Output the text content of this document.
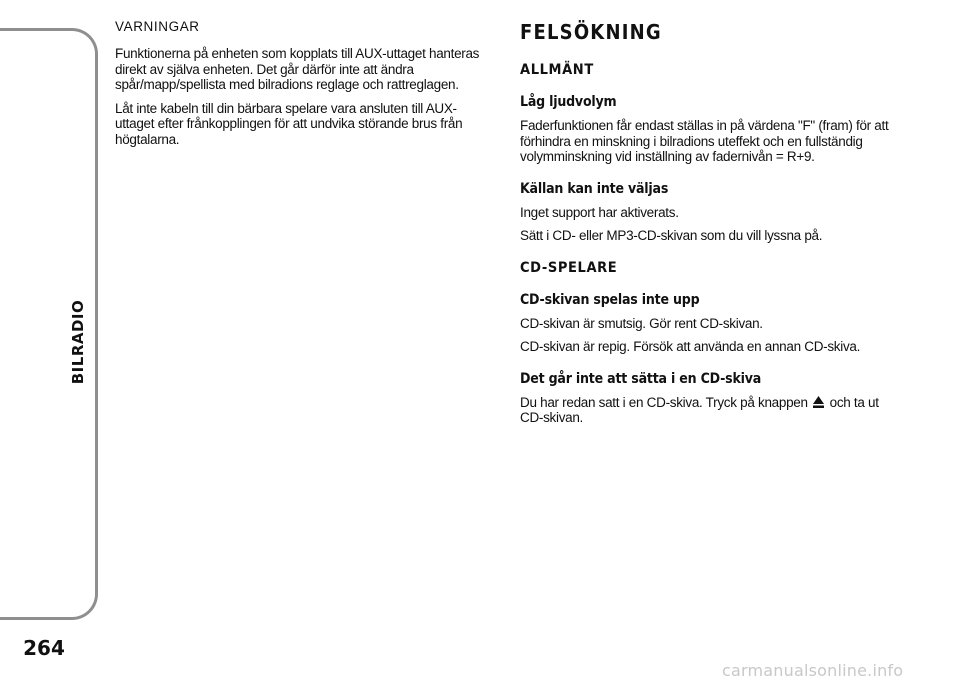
BILRADIO
264

VARNINGAR

Funktionerna på enheten som kopplats till AUX-uttaget hanteras direkt av själva enheten. Det går därför inte att ändra spår/mapp/spellista med bilradions reglage och rattreglagen.

Låt inte kabeln till din bärbara spelare vara ansluten till AUX-uttaget efter frånkopplingen för att undvika störande brus från högtalarna.

FELSÖKNING
ALLMÄNT
Låg ljudvolym

Faderfunktionen får endast ställas in på värdena "F" (fram) för att förhindra en minskning i bilradions uteffekt och en fullständig volymminskning vid inställning av fadernivån = R+9.

Källan kan inte väljas

Inget support har aktiverats.

Sätt i CD- eller MP3-CD-skivan som du vill lyssna på.

CD-SPELARE
CD-skivan spelas inte upp

CD-skivan är smutsig. Gör rent CD-skivan.

CD-skivan är repig. Försök att använda en annan CD-skiva.

Det går inte att sätta i en CD-skiva

Du har redan satt i en CD-skiva. Tryck på knappen och ta ut CD-skivan.

carmanualsonline.info
